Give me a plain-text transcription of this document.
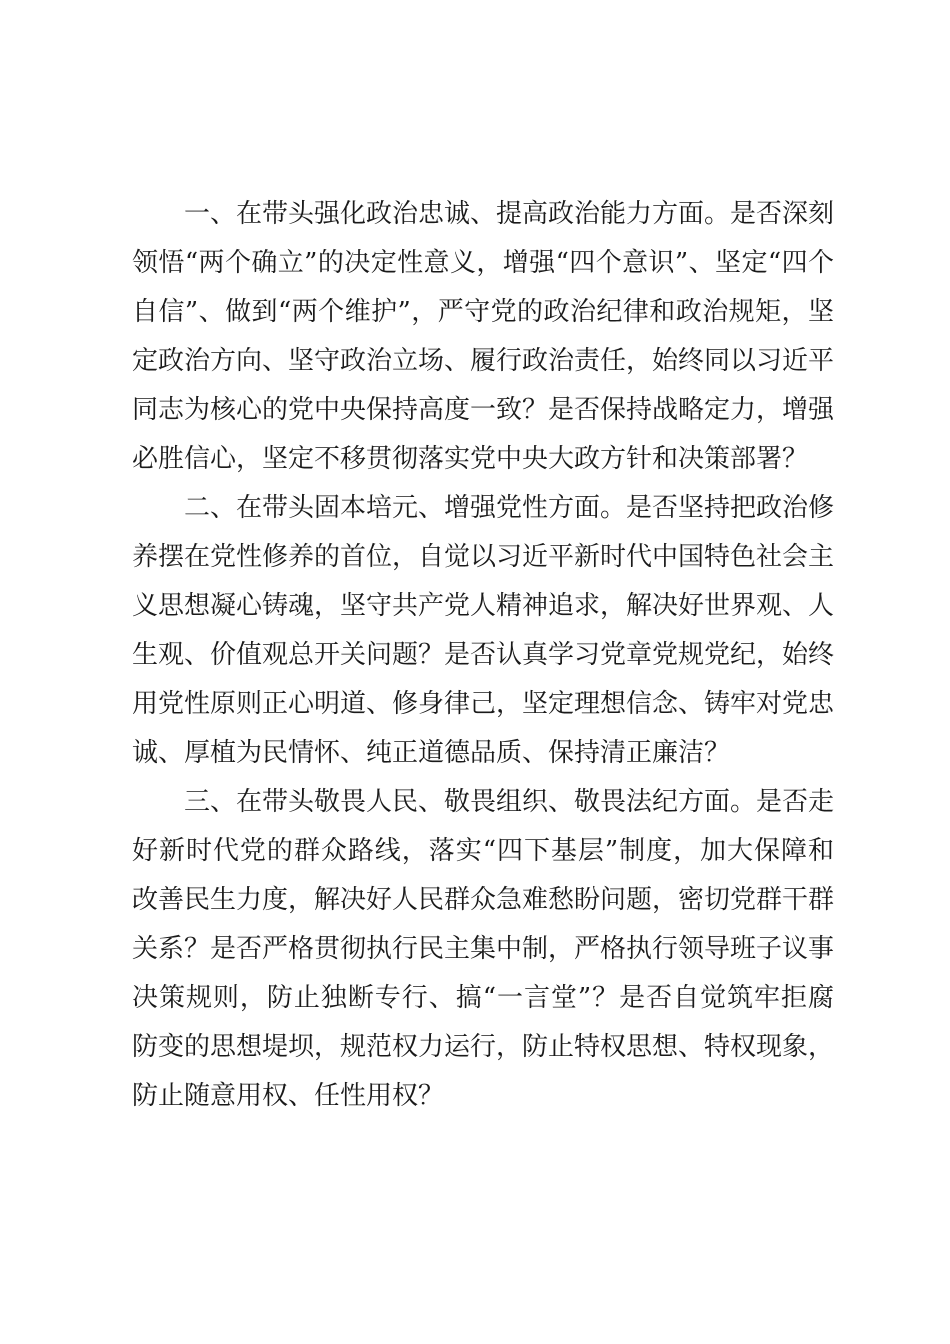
一、在带头强化政治忠诚、提高政治能力方面。是否深刻领悟“两个确立”的决定性意义，增强“四个意识”、坚定“四个自信”、做到“两个维护”，严守党的政治纪律和政治规矩，坚定政治方向、坚守政治立场、履行政治责任，始终同以习近平同志为核心的党中央保持高度一致？是否保持战略定力，增强必胜信心，坚定不移贯彻落实党中央大政方针和决策部署？

二、在带头固本培元、增强党性方面。是否坚持把政治修养摆在党性修养的首位，自觉以习近平新时代中国特色社会主义思想凝心铸魂，坚守共产党人精神追求，解决好世界观、人生观、价值观总开关问题？是否认真学习党章党规党纪，始终用党性原则正心明道、修身律己，坚定理想信念、铸牢对党忠诚、厚植为民情怀、纯正道德品质、保持清正廉洁？

三、在带头敬畏人民、敬畏组织、敬畏法纪方面。是否走好新时代党的群众路线，落实“四下基层”制度，加大保障和改善民生力度，解决好人民群众急难愁盼问题，密切党群干群关系？是否严格贯彻执行民主集中制，严格执行领导班子议事决策规则，防止独断专行、搞“一言堂”？是否自觉筑牢拒腐防变的思想堤坝，规范权力运行，防止特权思想、特权现象，防止随意用权、任性用权？
